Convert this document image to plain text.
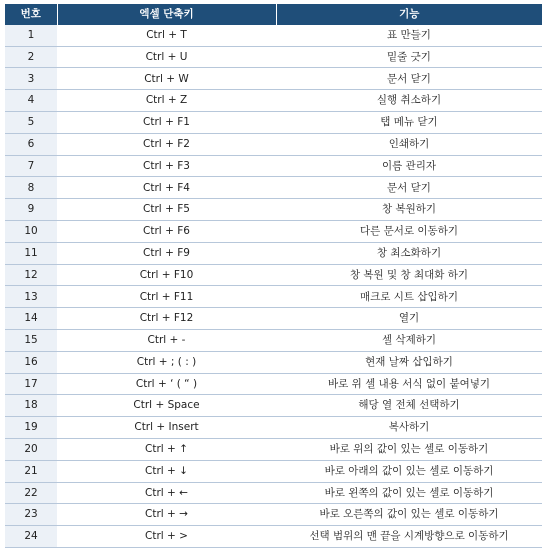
번호	엑셀 단축키	기능
1	Ctrl + T	표 만들기
2	Ctrl + U	밑줄 긋기
3	Ctrl + W	문서 닫기
4	Ctrl + Z	실행 취소하기
5	Ctrl + F1	탭 메뉴 닫기
6	Ctrl + F2	인쇄하기
7	Ctrl + F3	이름 관리자
8	Ctrl + F4	문서 닫기
9	Ctrl + F5	창 복원하기
10	Ctrl + F6	다른 문서로 이동하기
11	Ctrl + F9	창 최소화하기
12	Ctrl + F10	창 복원 및 창 최대화 하기
13	Ctrl + F11	매크로 시트 삽입하기
14	Ctrl + F12	열기
15	Ctrl + -	셀 삭제하기
16	Ctrl + ; ( : )	현재 날짜 삽입하기
17	Ctrl + ‘ ( “ )	바로 위 셀 내용 서식 없이 붙여넣기
18	Ctrl + Space	해당 열 전체 선택하기
19	Ctrl + Insert	복사하기
20	Ctrl + ↑	바로 위의 값이 있는 셀로 이동하기
21	Ctrl + ↓	바로 아래의 값이 있는 셀로 이동하기
22	Ctrl + ←	바로 왼쪽의 값이 있는 셀로 이동하기
23	Ctrl + →	바로 오른쪽의 값이 있는 셀로 이동하기
24	Ctrl + >	선택 범위의 맨 끝을 시계방향으로 이동하기
